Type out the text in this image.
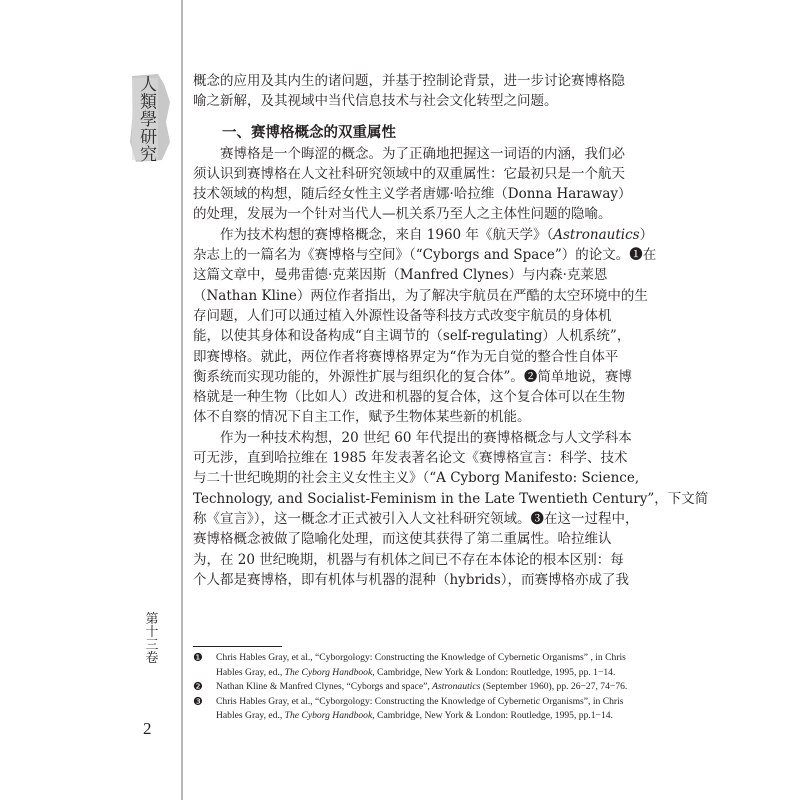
人類學研究
第
十
三
卷
2
概念的应用及其内生的诸问题，并基于控制论背景，进一步讨论赛博格隐
喻之新解，及其视域中当代信息技术与社会文化转型之问题。
一、赛博格概念的双重属性
赛博格是一个晦涩的概念。为了正确地把握这一词语的内涵，我们必
须认识到赛博格在人文社科研究领域中的双重属性：它最初只是一个航天
技术领域的构想，随后经女性主义学者唐娜·哈拉维（Donna Haraway）
的处理，发展为一个针对当代人—机关系乃至人之主体性问题的隐喻。
作为技术构想的赛博格概念，来自 1960 年《航天学》（Astronautics）
杂志上的一篇名为《赛博格与空间》（“Cyborgs and Space”）的论文。❶在
这篇文章中，曼弗雷德·克莱因斯（Manfred Clynes）与内森·克莱恩
（Nathan Kline）两位作者指出，为了解决宇航员在严酷的太空环境中的生
存问题，人们可以通过植入外源性设备等科技方式改变宇航员的身体机
能，以使其身体和设备构成“自主调节的（self-regulating）人机系统”，
即赛博格。就此，两位作者将赛博格界定为“作为无自觉的整合性自体平
衡系统而实现功能的，外源性扩展与组织化的复合体”。❷简单地说，赛博
格就是一种生物（比如人）改进和机器的复合体，这个复合体可以在生物
体不自察的情况下自主工作，赋予生物体某些新的机能。
作为一种技术构想，20 世纪 60 年代提出的赛博格概念与人文学科本
可无涉，直到哈拉维在 1985 年发表著名论文《赛博格宣言：科学、技术
与二十世纪晚期的社会主义女性主义》（“A Cyborg Manifesto: Science,
Technology, and Socialist-Feminism in the Late Twentieth Century”，下文简
称《宣言》），这一概念才正式被引入人文社科研究领域。❸在这一过程中，
赛博格概念被做了隐喻化处理，而这使其获得了第二重属性。哈拉维认
为，在 20 世纪晚期，机器与有机体之间已不存在本体论的根本区别：每
个人都是赛博格，即有机体与机器的混种（hybrids），而赛博格亦成了我
❶ Chris Hables Gray, et al., “Cyborgology: Constructing the Knowledge of Cybernetic Organisms” , in Chris
Hables Gray, ed., The Cyborg Handbook, Cambridge, New York & London: Routledge, 1995, pp. 1−14.
❷ Nathan Kline & Manfred Clynes, “Cyborgs and space”, Astronautics (September 1960), pp. 26−27, 74−76.
❸ Chris Hables Gray, et al., “Cyborgology: Constructing the Knowledge of Cybernetic Organisms”, in Chris
Hables Gray, ed., The Cyborg Handbook, Cambridge, New York & London: Routledge, 1995, pp.1−14.
